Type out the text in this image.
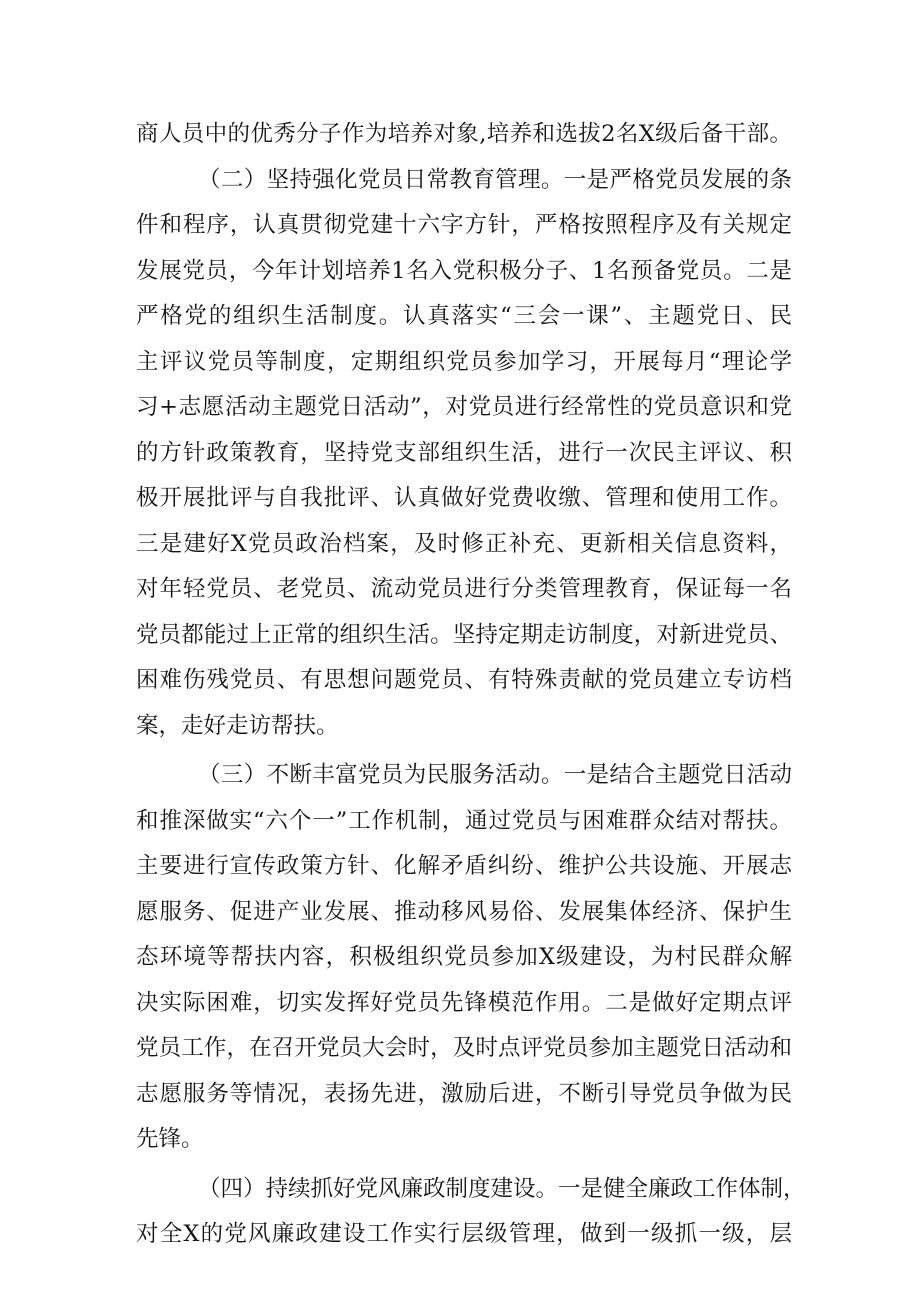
商人员中的优秀分子作为培养对象,培养和选拔2名X级后备干部。
（二）坚持强化党员日常教育管理。一是严格党员发展的条
件和程序，认真贯彻党建十六字方针，严格按照程序及有关规定
发展党员，今年计划培养1名入党积极分子、1名预备党员。二是
严格党的组织生活制度。认真落实“三会一课”、主题党日、民
主评议党员等制度，定期组织党员参加学习，开展每月“理论学
习+志愿活动主题党日活动”，对党员进行经常性的党员意识和党
的方针政策教育，坚持党支部组织生活，进行一次民主评议、积
极开展批评与自我批评、认真做好党费收缴、管理和使用工作。
三是建好X党员政治档案，及时修正补充、更新相关信息资料，
对年轻党员、老党员、流动党员进行分类管理教育，保证每一名
党员都能过上正常的组织生活。坚持定期走访制度，对新进党员、
困难伤残党员、有思想问题党员、有特殊责献的党员建立专访档
案，走好走访帮扶。
（三）不断丰富党员为民服务活动。一是结合主题党日活动
和推深做实“六个一”工作机制，通过党员与困难群众结对帮扶。
主要进行宣传政策方针、化解矛盾纠纷、维护公共设施、开展志
愿服务、促进产业发展、推动移风易俗、发展集体经济、保护生
态环境等帮扶内容，积极组织党员参加X级建设，为村民群众解
决实际困难，切实发挥好党员先锋模范作用。二是做好定期点评
党员工作，在召开党员大会时，及时点评党员参加主题党日活动和
志愿服务等情况，表扬先进，激励后进，不断引导党员争做为民
先锋。
（四）持续抓好党风廉政制度建设。一是健全廉政工作体制，
对全X的党风廉政建设工作实行层级管理，做到一级抓一级，层
